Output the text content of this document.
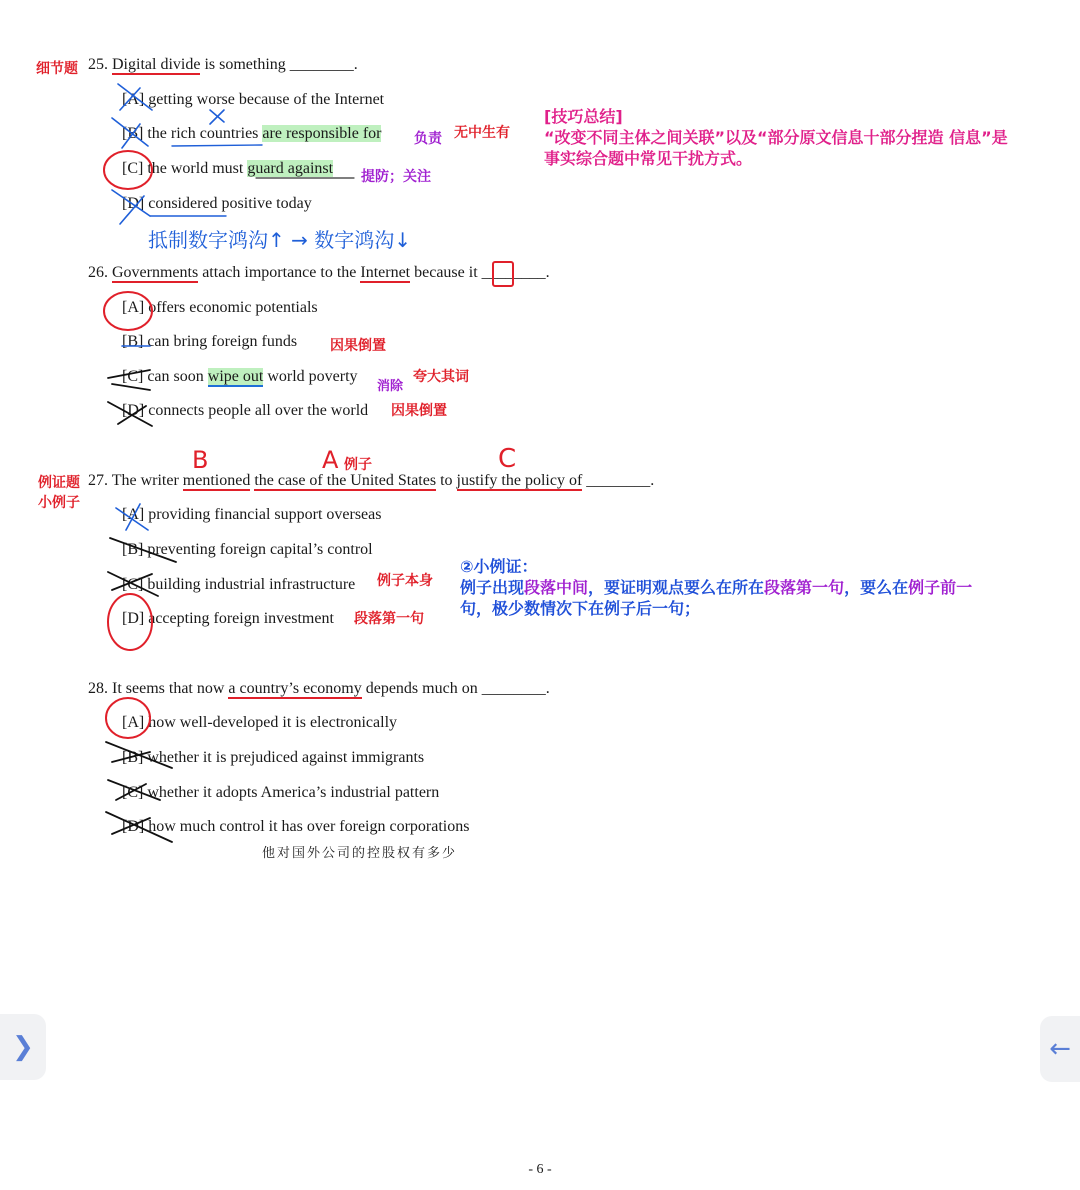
细节题 25. Digital divide is something ________.
[A] getting worse because of the Internet
[B] the rich countries are responsible for 负责 无中生有
[C] the world must guard against 提防；关注
[D] considered positive today
抵制数字鸿沟↑ → 数字鸿沟↓
[技巧总结]
“改变不同主体之间关联”以及“部分原文信息十部分捏造 信息”是
事实综合题中常见干扰方式。
26. Governments attach importance to the Internet because it ________.
[A] offers economic potentials
[B] can bring foreign funds 因果倒置
[C] can soon wipe out world poverty
消除
夸大其词
[D] connects people all over the world 因果倒置
B	A 例子	C
例证题
小例子
27. The writer mentioned the case of the United States to justify the policy of ________.
[A] providing financial support overseas
[B] preventing foreign capital’s control
[C] building industrial infrastructure 例子本身
[D] accepting foreign investment 段落第一句
②小例证：
例子出现段落中间，要证明观点要么在所在段落第一句，要么在例子前一
句，极少数情次下在例子后一句；
28. It seems that now a country’s economy depends much on ________.
[A] how well-developed it is electronically
[B] whether it is prejudiced against immigrants
[C] whether it adopts America’s industrial pattern
[D] how much control it has over foreign corporations
他对国外公司的控股权有多少
❯	←
- 6 -
